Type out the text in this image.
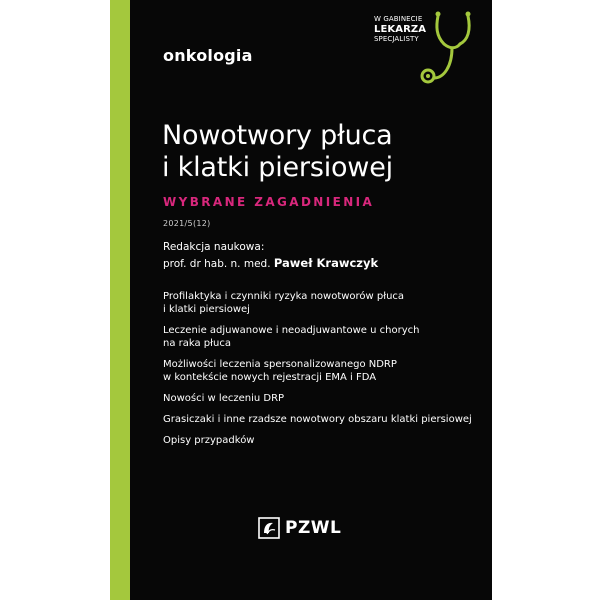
onkologia
W GABINECIE
LEKARZA
SPECJALISTY
Nowotwory płuca
i klatki piersiowej
WYBRANE ZAGADNIENIA
2021/5(12)
Redakcja naukowa:
prof. dr hab. n. med. Paweł Krawczyk
Profilaktyka i czynniki ryzyka nowotworów płuca
i klatki piersiowej
Leczenie adjuwanowe i neoadjuwantowe u chorych
na raka płuca
Możliwości leczenia spersonalizowanego NDRP
w kontekście nowych rejestracji EMA i FDA
Nowości w leczeniu DRP
Grasiczaki i inne rzadsze nowotwory obszaru klatki piersiowej
Opisy przypadków
PZWL
